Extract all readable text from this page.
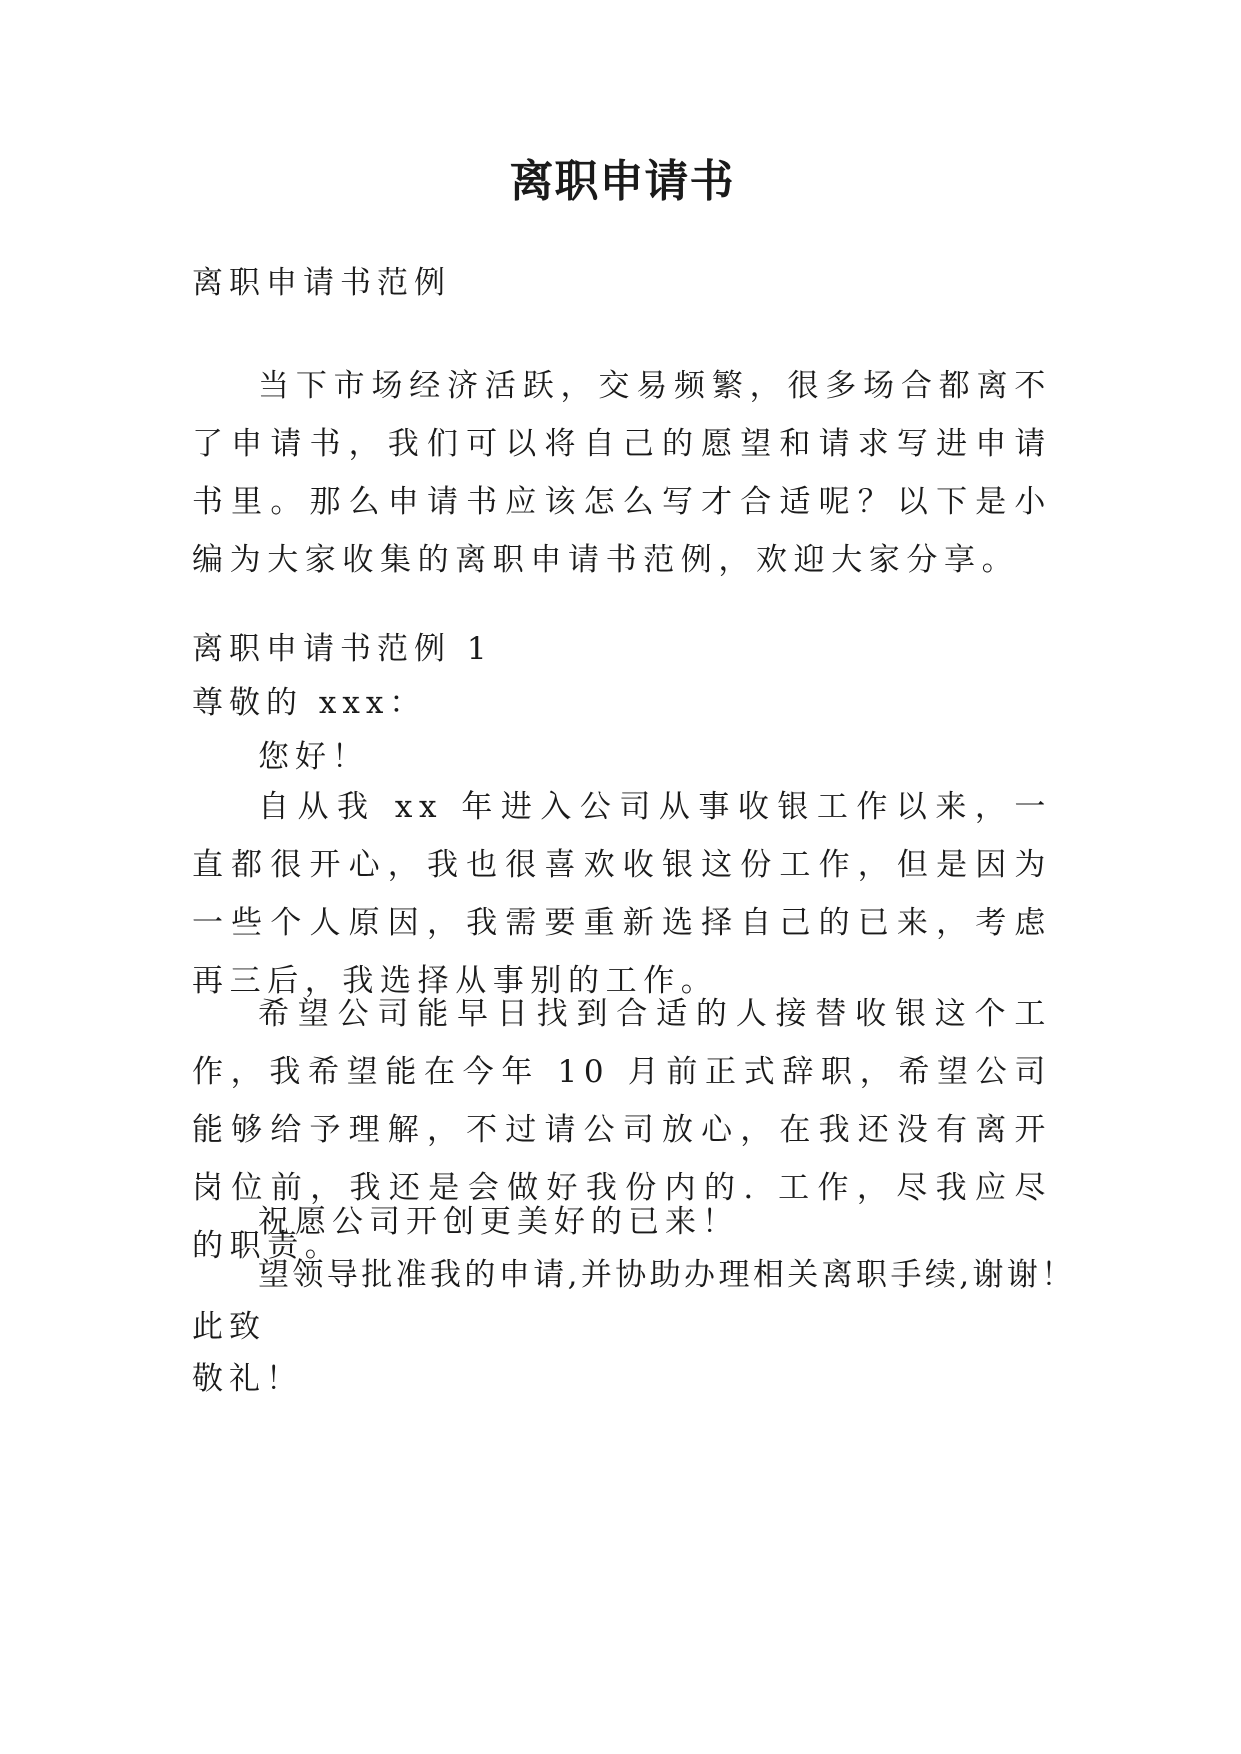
离职申请书
离职申请书范例

当下市场经济活跃，交易频繁，很多场合都离不了申请书，我们可以将自己的愿望和请求写进申请书里。那么申请书应该怎么写才合适呢？以下是小编为大家收集的离职申请书范例，欢迎大家分享。

离职申请书范例 1
尊敬的 xxx：
您好！

自从我 xx 年进入公司从事收银工作以来，一直都很开心，我也很喜欢收银这份工作，但是因为一些个人原因，我需要重新选择自己的已来，考虑再三后，我选择从事别的工作。

希望公司能早日找到合适的人接替收银这个工作，我希望能在今年 10 月前正式辞职，希望公司能够给予理解，不过请公司放心，在我还没有离开岗位前，我还是会做好我份内的. 工作，尽我应尽的职责。

祝愿公司开创更美好的已来！
望领导批准我的申请,并协助办理相关离职手续,谢谢！
此致
敬礼！
